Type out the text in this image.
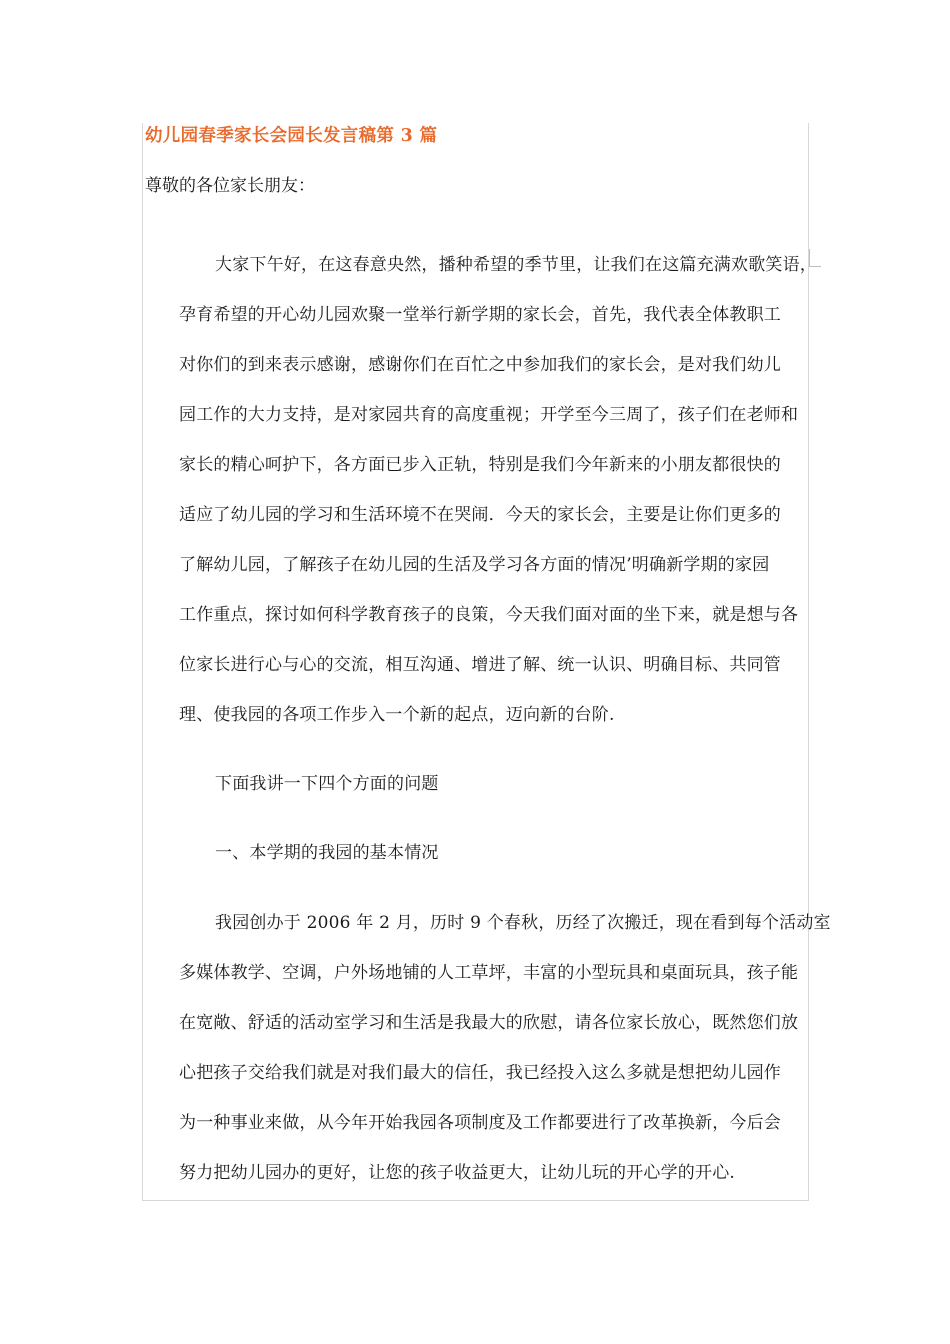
幼儿园春季家长会园长发言稿第 3 篇

尊敬的各位家长朋友：

大家下午好，在这春意央然，播种希望的季节里，让我们在这篇充满欢歌笑语，
孕育希望的开心幼儿园欢聚一堂举行新学期的家长会，首先，我代表全体教职工
对你们的到来表示感谢，感谢你们在百忙之中参加我们的家长会，是对我们幼儿
园工作的大力支持，是对家园共育的高度重视；开学至今三周了，孩子们在老师和
家长的精心呵护下，各方面已步入正轨，特别是我们今年新来的小朋友都很快的
适应了幼儿园的学习和生活环境不在哭闹．今天的家长会，主要是让你们更多的
了解幼儿园，了解孩子在幼儿园的生活及学习各方面的情况’明确新学期的家园
工作重点，探讨如何科学教育孩子的良策，今天我们面对面的坐下来，就是想与各
位家长进行心与心的交流，相互沟通、增进了解、统一认识、明确目标、共同管
理、使我园的各项工作步入一个新的起点，迈向新的台阶.
下面我讲一下四个方面的问题
一、本学期的我园的基本情况
我园创办于 2006 年 2 月，历时 9 个春秋，历经了次搬迁，现在看到每个活动室
多媒体教学、空调，户外场地铺的人工草坪，丰富的小型玩具和桌面玩具，孩子能
在宽敞、舒适的活动室学习和生活是我最大的欣慰，请各位家长放心，既然您们放
心把孩子交给我们就是对我们最大的信任，我已经投入这么多就是想把幼儿园作
为一种事业来做，从今年开始我园各项制度及工作都要进行了改革换新，今后会
努力把幼儿园办的更好，让您的孩子收益更大，让幼儿玩的开心学的开心.
